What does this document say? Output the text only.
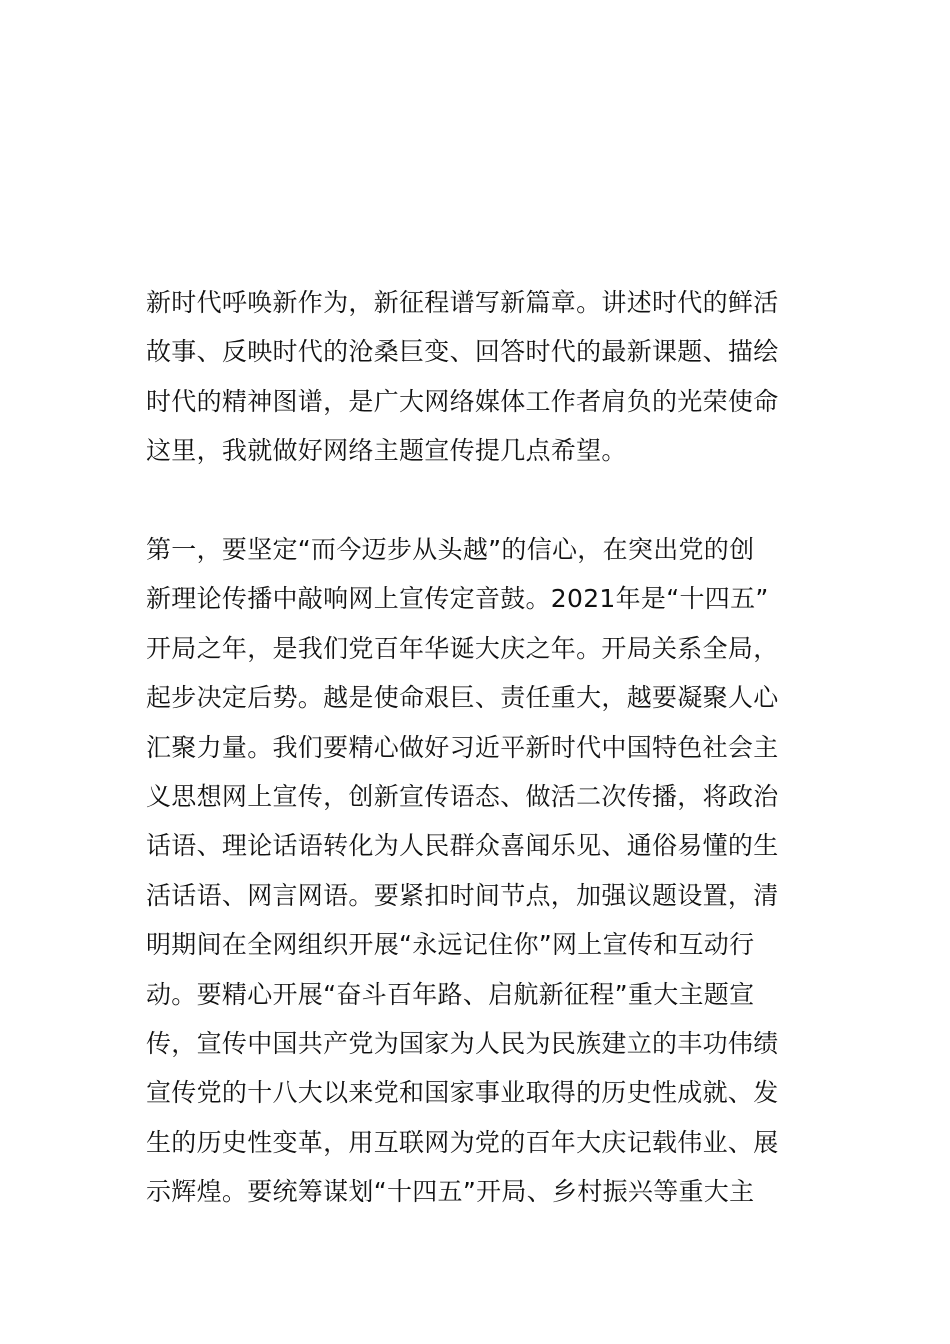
新时代呼唤新作为，新征程谱写新篇章。讲述时代的鲜活
故事、反映时代的沧桑巨变、回答时代的最新课题、描绘
时代的精神图谱，是广大网络媒体工作者肩负的光荣使命
这里，我就做好网络主题宣传提几点希望。
第一，要坚定“而今迈步从头越”的信心，在突出党的创
新理论传播中敲响网上宣传定音鼓。2021年是“十四五”
开局之年，是我们党百年华诞大庆之年。开局关系全局，
起步决定后势。越是使命艰巨、责任重大，越要凝聚人心
汇聚力量。我们要精心做好习近平新时代中国特色社会主
义思想网上宣传，创新宣传语态、做活二次传播，将政治
话语、理论话语转化为人民群众喜闻乐见、通俗易懂的生
活话语、网言网语。要紧扣时间节点，加强议题设置，清
明期间在全网组织开展“永远记住你”网上宣传和互动行
动。要精心开展“奋斗百年路、启航新征程”重大主题宣
传，宣传中国共产党为国家为人民为民族建立的丰功伟绩
宣传党的十八大以来党和国家事业取得的历史性成就、发
生的历史性变革，用互联网为党的百年大庆记载伟业、展
示辉煌。要统筹谋划“十四五”开局、乡村振兴等重大主
